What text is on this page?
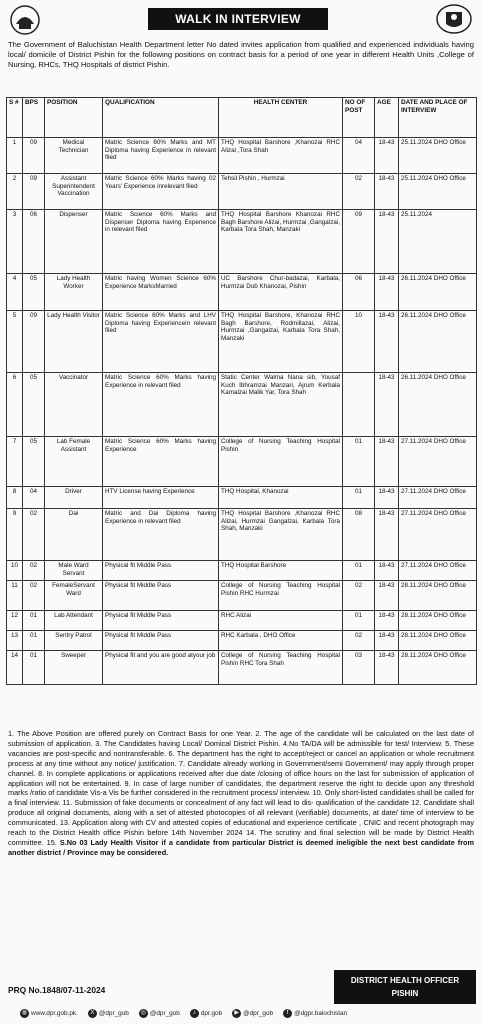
WALK IN INTERVIEW
The Government of Baluchistan Health Department letter No dated invites application from qualified and experienced individuals having local/ domicile of District Pishin for the following positions on contract basis for a period of one year in different Health Units ,College of Nursing, RHCs, THQ Hospitals of district Pishin.
S #	BPS	POSITION	QUALIFICATION	HEALTH CENTER	NO OF POST	AGE	DATE AND PLACE OF INTERVIEW
1	09	Medical Technician	Matric Science 60% Marks and MT Diploma having Experience in relevant filed	THQ Hospital Barshore ,Khanozai RHC Alizai ,Tora Shah	04	18-43	25.11.2024 DHO Office
2	09	Assistant Superintendent Vaccination	Matric Science 60% Marks having 02 Years' Experience inrelevant filed	Tehsil Pishin , Hurmzai	02	18-43	25.11.2024 DHO Office
3	06	Dispenser	Matric Science 60% Marks and Dispenser Diploma having Experience in relevant filed	THQ Hospital Barshore Khanozai RHC Bagh Barshore Alizai, Hurmzai ,Gangalzai, Karbala Tora Shah, Manzaki	09	18-43	25.11.2024
4	05	Lady Health Worker	Matric having Women Science 60% Experience MarksMarried	UC Barshore Chur-badazai, Karbala, Hurmzai Dub Khanozai, Pishin	06	18-43	26.11.2024 DHO Office
5	09	Lady Health Visitor	Matric Science 60% Marks and LHV Diploma having Experiencein relevant filed	THQ Hospital Barshore, Khanozai RHC Bagh Barshore, Rodmillazai, Alizai, Hurmzai ,Gangalzai, Karbala Tora Shah, Manzaki	10	18-43	26.11.2024 DHO Office
6	05	Vaccinator	Matric Science 60% Marks having Experience in relevant filed	Static Center Walma Nana sib, Yousaf Kuch Ibhramzai Manzari, Ajrum Kerbala Kamalzai Malik Yar, Tora Shah		18-43	26.11.2024 DHO Office
7	05	Lab Female Assistant	Matric Science 60% Marks having Experience	College of Nursing Teaching Hospital Pishin	01	18-43	27.11.2024 DHO Office
8	04	Driver	HTV License having Experience	THQ Hospital, Khanozai	01	18-43	27.11.2024 DHO Office
9	02	Dai	Matric and Dai Diploma having Experience in relevant filed	THQ Hospital Barshore ,Khanozai RHC Alizai, Hurmzai Gangalzai, Karbala Tora Shah, Manzaki	08	18-43	27.11.2024 DHO Office
10	02	Male Ward Servant	Physical fit Middle Pass	THQ Hospital Barshore	01	18-43	27.11.2024 DHO Office
11	02	FemaleServant Ward	Physical fit Middle Pass	College of Nursing Teaching Hospital Pishin RHC Hurmzai	02	18-43	28.11.2024 DHO Office
12	01	Lab Attendant	Physical fit Middle Pass	RHC Alizai	01	18-43	28.11.2024 DHO Office
13	01	Sentry Patrol	Physical fit Middle Pass	RHC Karbala , DHO Office	02	18-43	28.11.2024 DHO Office
14	01	Sweeper	Physical fit and you are good atyour job	College of Nursing Teaching Hospital Pishin RHC Tora Shah	03	18-43	28.11.2024 DHO Office
1. The Above Position are offered purely on Contract Basis for one Year. 2. The age of the candidate will be calculated on the last date of submission of application. 3. The Candidates having Local/ Domical District Pishin. 4.No TA/DA will be admissible for test/ Interview. 5. These vacancies are post-specific and nontransferable. 6. The department has the right to accept/reject or cancel an application or whole recruitment process at any time without any notice/ justification. 7. Candidate already working in Government/semi Government/ may apply through proper channel. 8. In complete applications or applications received after due date /closing of office hours on the last for submission of application of application will not be entertained. 9. In case of large number of candidates, the department reserve the right to decide upon any threshold marks /ratio of candidate Vis-a Vis be further considered in the recruitment process/ interview. 10. Only short-listed candidates shall be called for a final interview. 11. Submission of fake documents or concealment of any fact will lead to dis- qualification of the candidate 12. Candidate shall produce all original documents, along with a set of attested photocopies of all relevant (verifiable) documents, at date/ time of interview to be communicated. 13. Application along with CV and attested copies of educational and experience certificate , CNIC and recent photograph may reach to the District Health office Pishin before 14th November 2024 14. The scrutiny and final selection will be made by District Health committee. 15. S.No 03 Lady Health Visitor if a candidate from particular District is deemed ineligible the next best candidate from another district / Province may be considered.
PRQ No.1848/07-11-2024
DISTRICT HEALTH OFFICER
PISHIN
◍ www.dpr.gob.pk.	X @dpr_gob	◎ @dpr_gob	♪ dpr.gob	▶ @dpr_gob	f @dgpr.balochistan
